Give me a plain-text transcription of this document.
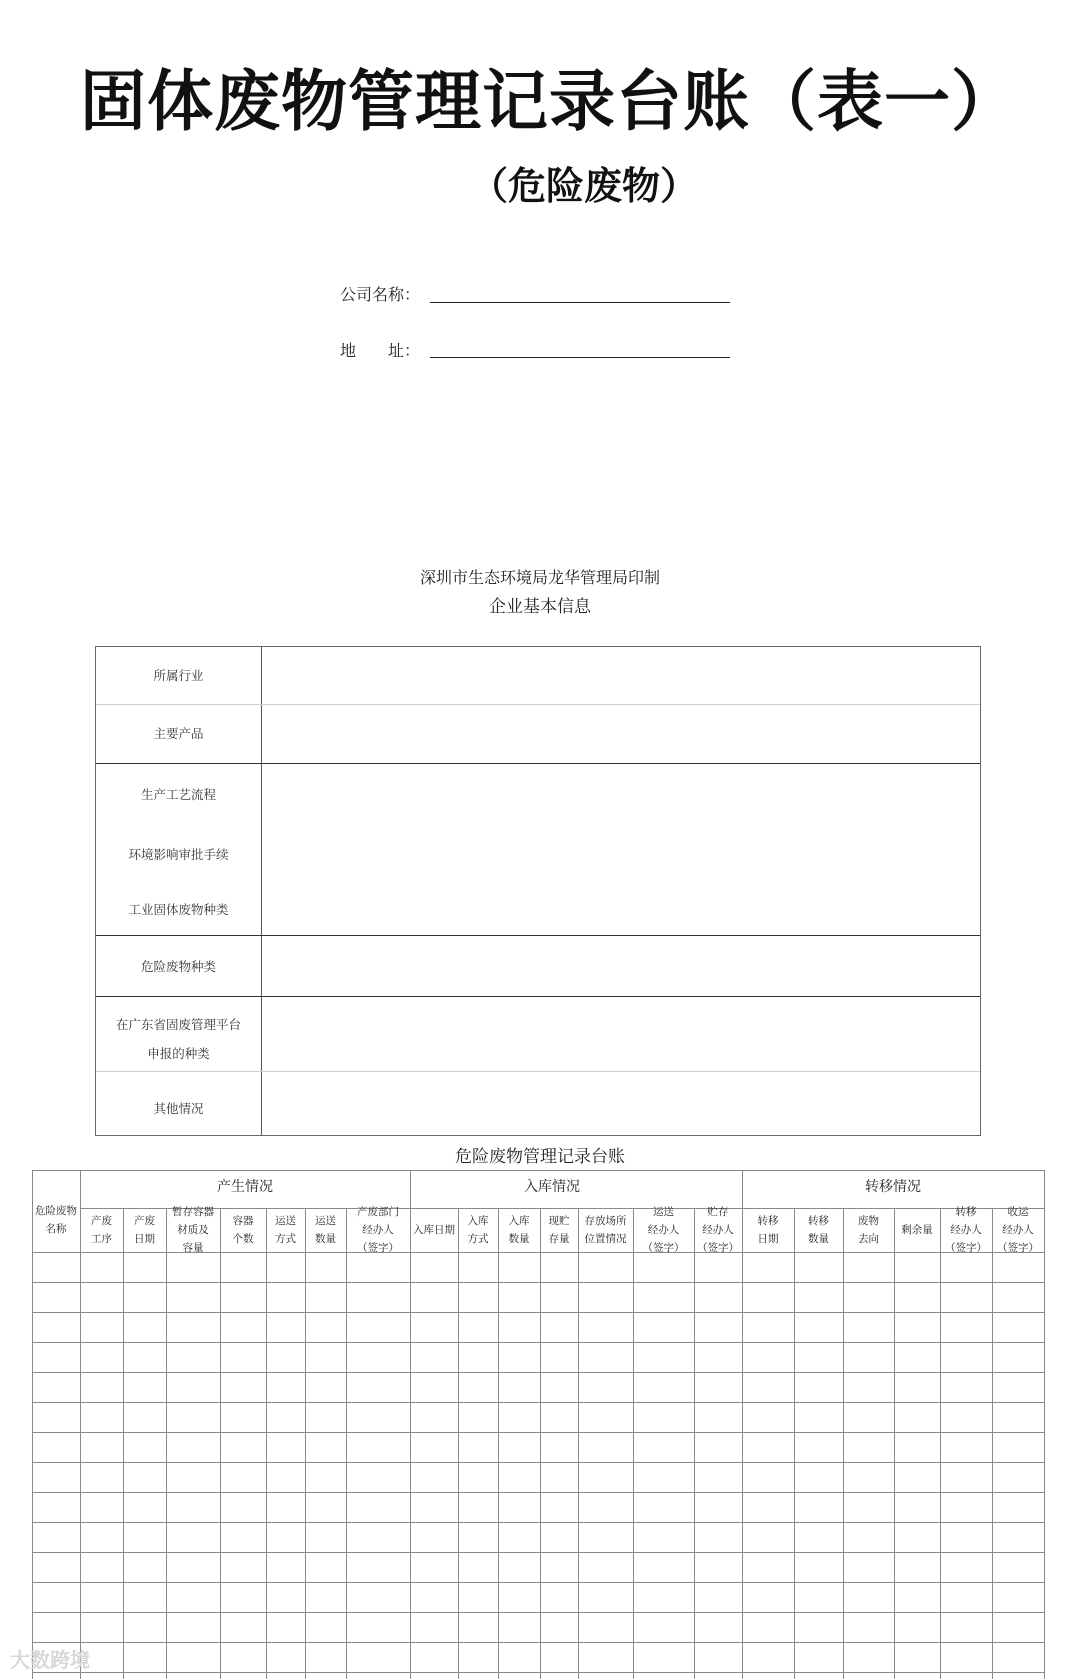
固体废物管理记录台账（表一）
（危险废物）
公司名称：
地　　址：
深圳市生态环境局龙华管理局印制
企业基本信息
所属行业
主要产品
生产工艺流程
环境影响审批手续
工业固体废物种类
危险废物种类
在广东省固废管理平台
申报的种类
其他情况
危险废物管理记录台账
产生情况	入库情况	转移情况
危险废物
名称
产废
工序
产废
日期
暂存容器
材质及
容量
容器
个数
运送
方式
运送
数量
产废部门
经办人
（签字）
入库日期
入库
方式
入库
数量
现贮
存量
存放场所
位置情况
运送
经办人
（签字）
贮存
经办人
（签字）
转移
日期
转移
数量
废物
去向
剩余量
转移
经办人
（签字）
收运
经办人
（签字）
大数跨境
